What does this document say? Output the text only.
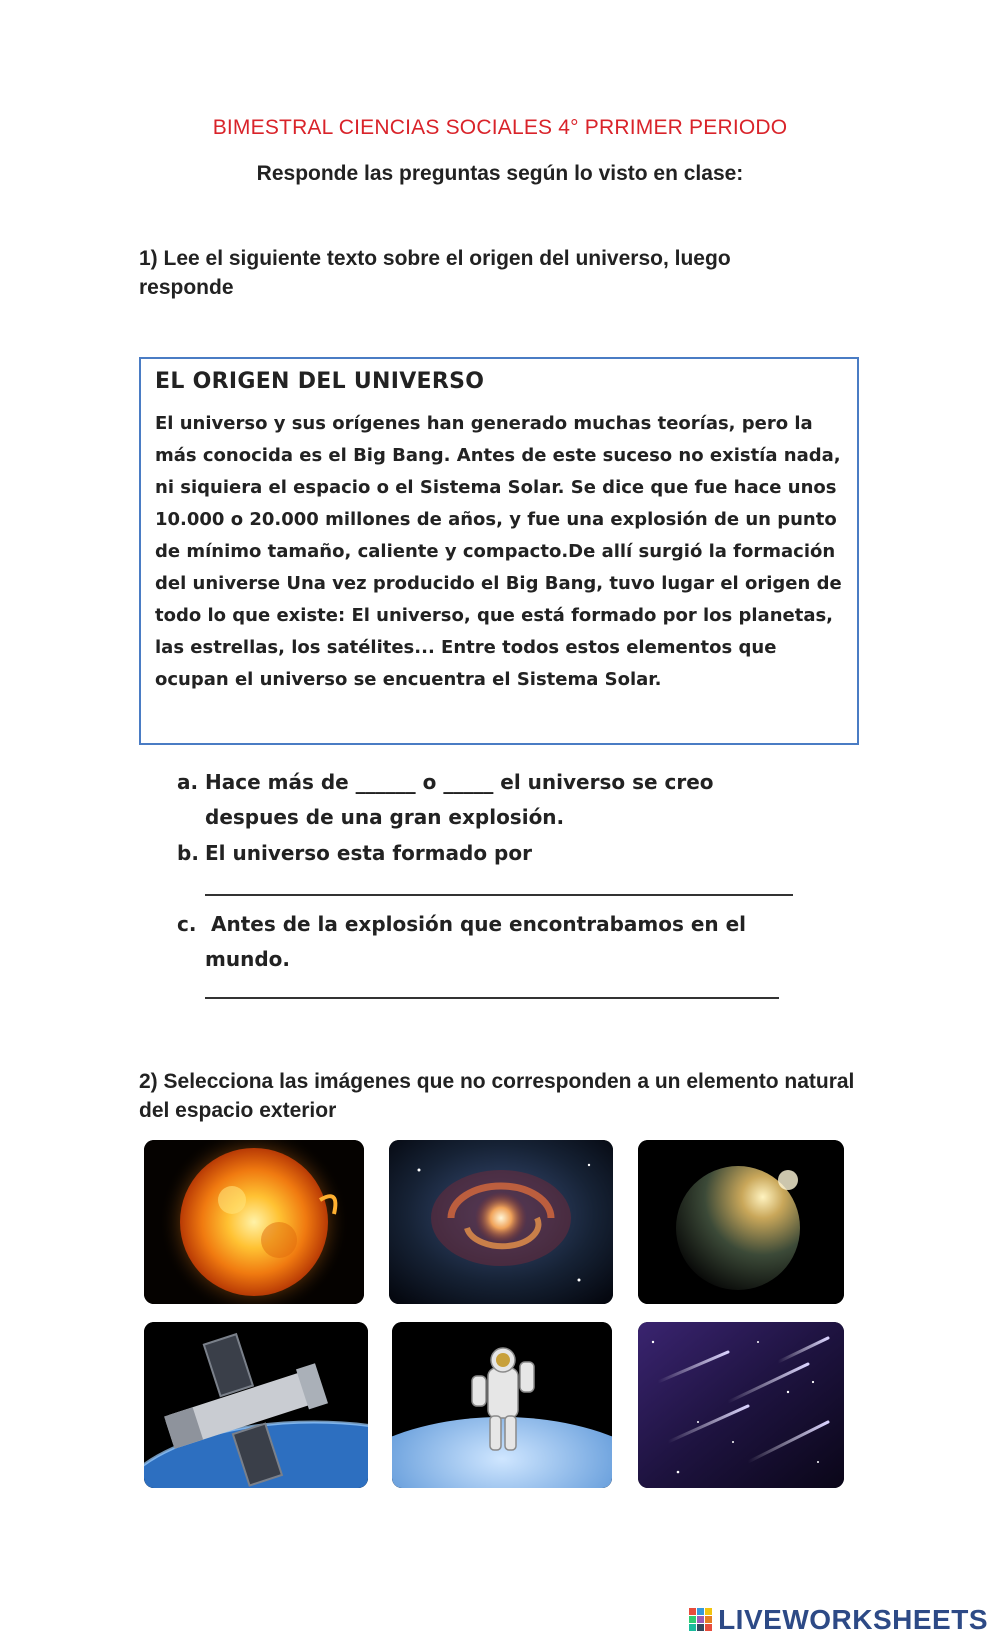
BIMESTRAL CIENCIAS SOCIALES 4° PRRIMER PERIODO
Responde las preguntas según lo visto en clase:
1) Lee el siguiente texto sobre el origen del universo, luego responde
EL ORIGEN DEL UNIVERSO
El universo y sus orígenes han generado muchas teorías, pero la más conocida es el Big Bang. Antes de este suceso no existía nada, ni siquiera el espacio o el Sistema Solar. Se dice que fue hace unos 10.000 o 20.000 millones de años, y fue una explosión de un punto de mínimo tamaño, caliente y compacto.De allí surgió la formación del universe Una vez producido el Big Bang, tuvo lugar el origen de todo lo que existe: El universo, que está formado por los planetas, las estrellas, los satélites... Entre todos estos elementos que ocupan el universo se encuentra el Sistema Solar.
a. Hace más de ______ o _____ el universo se creo
despues de una gran explosión.
b. El universo esta formado por
c. Antes de la explosión que encontrabamos en el
mundo.
2) Selecciona las imágenes que no corresponden a un elemento natural del espacio exterior
LIVEWORKSHEETS
